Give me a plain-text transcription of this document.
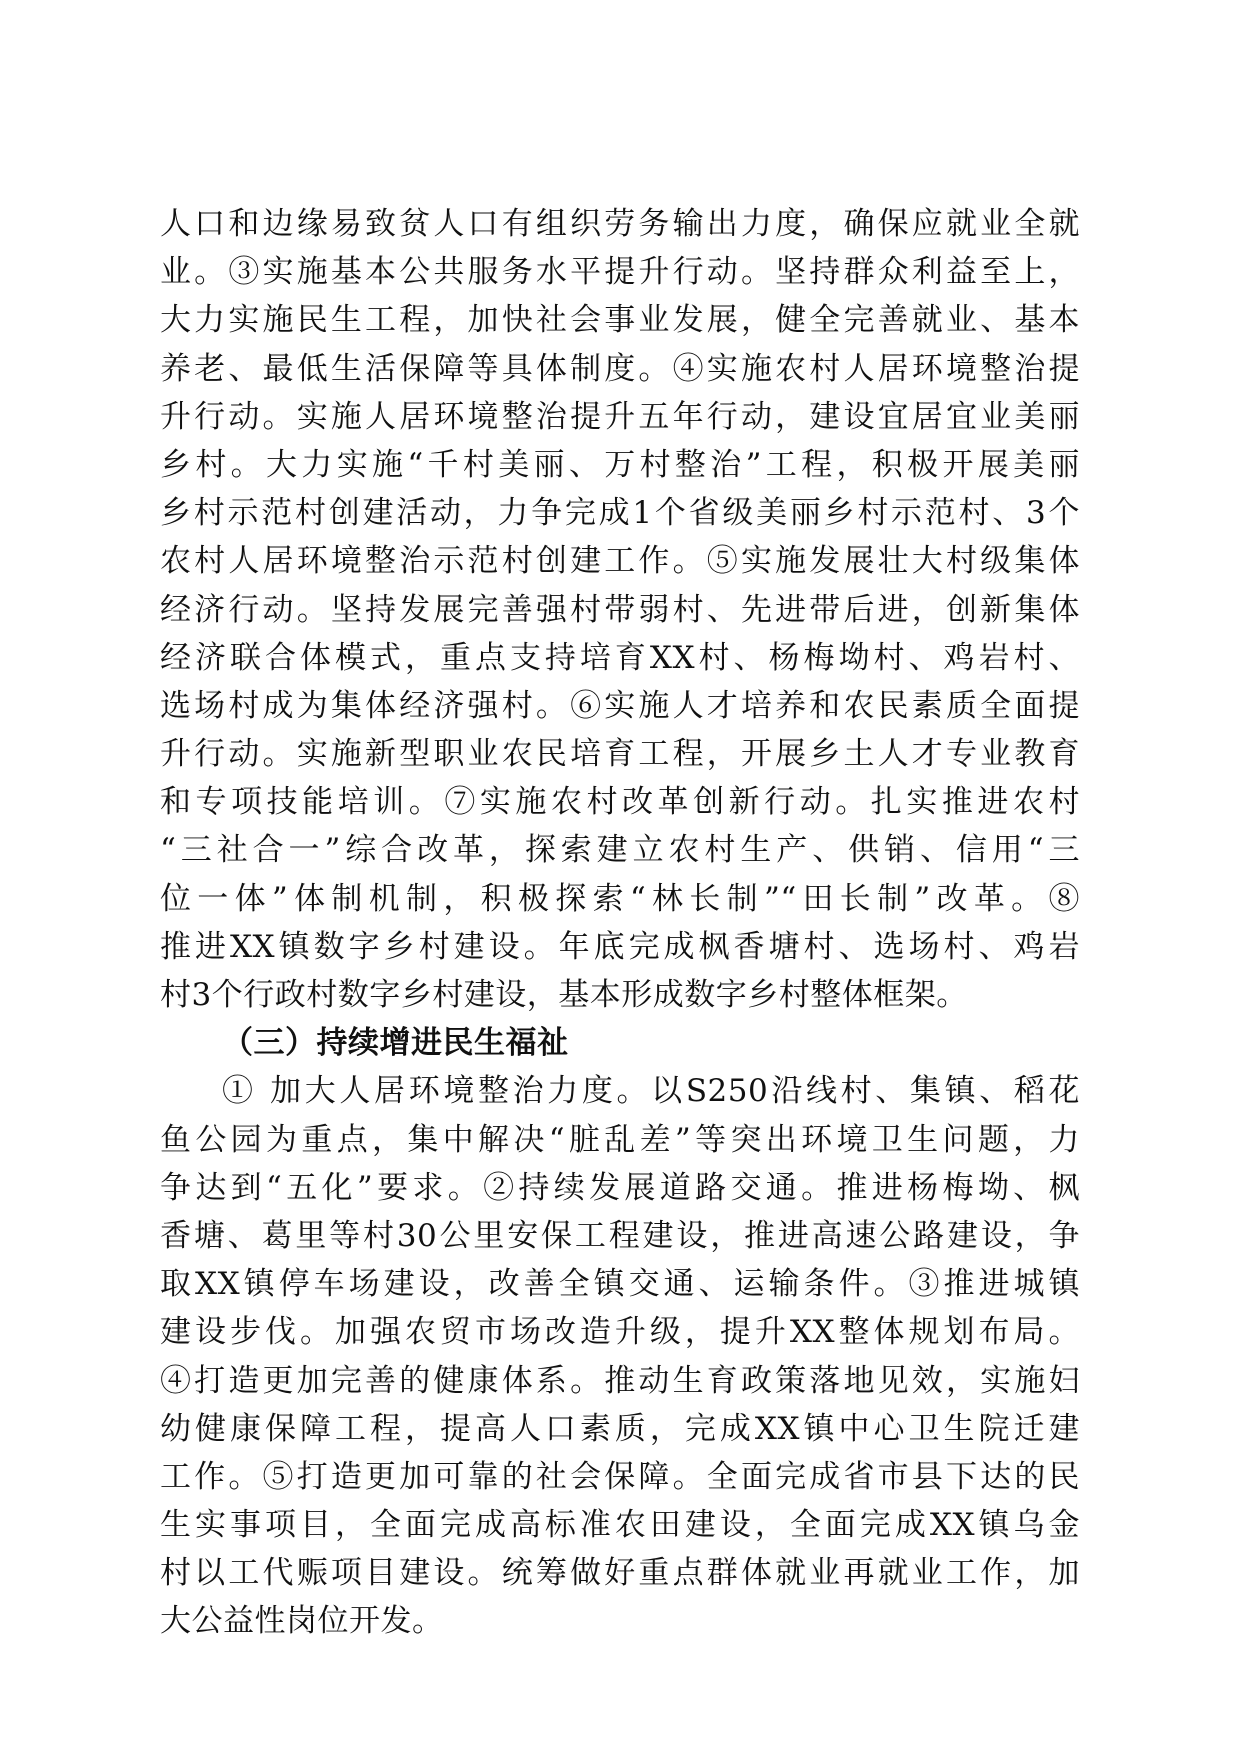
人口和边缘易致贫人口有组织劳务输出力度，确保应就业全就
业。③实施基本公共服务水平提升行动。坚持群众利益至上，
大力实施民生工程，加快社会事业发展，健全完善就业、基本
养老、最低生活保障等具体制度。④实施农村人居环境整治提
升行动。实施人居环境整治提升五年行动，建设宜居宜业美丽
乡村。大力实施“千村美丽、万村整治”工程，积极开展美丽
乡村示范村创建活动，力争完成1个省级美丽乡村示范村、3个
农村人居环境整治示范村创建工作。⑤实施发展壮大村级集体
经济行动。坚持发展完善强村带弱村、先进带后进，创新集体
经济联合体模式，重点支持培育XX村、杨梅坳村、鸡岩村、
选场村成为集体经济强村。⑥实施人才培养和农民素质全面提
升行动。实施新型职业农民培育工程，开展乡土人才专业教育
和专项技能培训。⑦实施农村改革创新行动。扎实推进农村
“三社合一”综合改革，探索建立农村生产、供销、信用“三
位一体”体制机制，积极探索“林长制”“田长制”改革。⑧
推进XX镇数字乡村建设。年底完成枫香塘村、选场村、鸡岩
村3个行政村数字乡村建设，基本形成数字乡村整体框架。
（三）持续增进民生福祉
① 加大人居环境整治力度。以S250沿线村、集镇、稻花
鱼公园为重点，集中解决“脏乱差”等突出环境卫生问题，力
争达到“五化”要求。②持续发展道路交通。推进杨梅坳、枫
香塘、葛里等村30公里安保工程建设，推进高速公路建设，争
取XX镇停车场建设，改善全镇交通、运输条件。③推进城镇
建设步伐。加强农贸市场改造升级，提升XX整体规划布局。
④打造更加完善的健康体系。推动生育政策落地见效，实施妇
幼健康保障工程，提高人口素质，完成XX镇中心卫生院迁建
工作。⑤打造更加可靠的社会保障。全面完成省市县下达的民
生实事项目，全面完成高标准农田建设，全面完成XX镇乌金
村以工代赈项目建设。统筹做好重点群体就业再就业工作，加
大公益性岗位开发。
